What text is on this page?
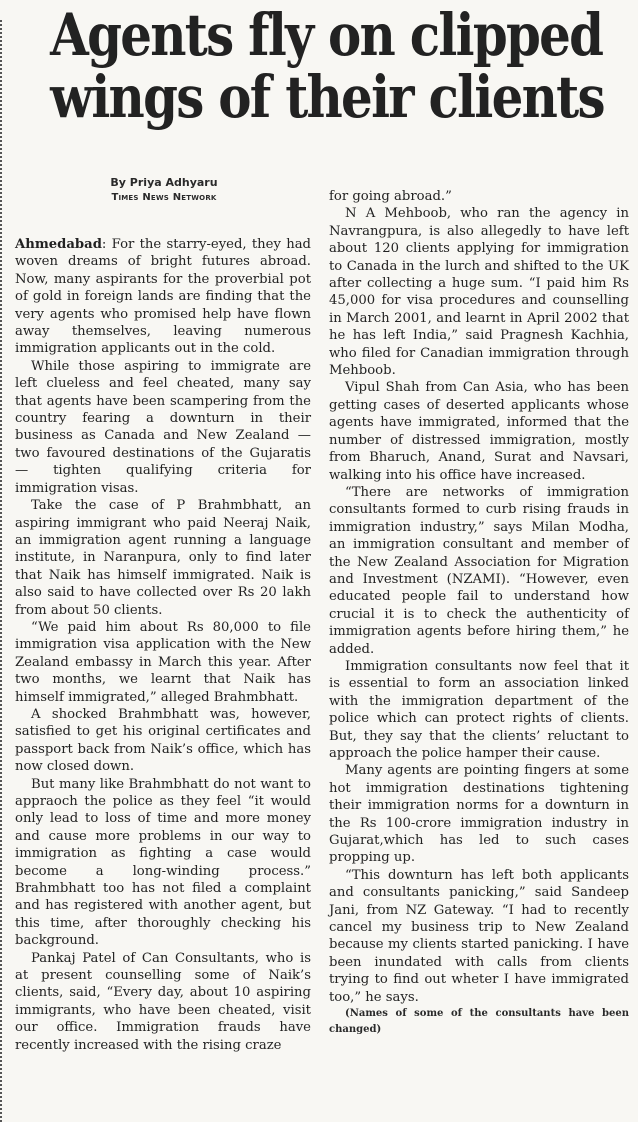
Agents fly on clipped
wings of their clients
By Priya Adhyaru
Times News Network

Ahmedabad: For the starry-eyed, they had woven dreams of bright futures abroad. Now, many aspirants for the proverbial pot of gold in foreign lands are finding that the very agents who promised help have flown away themselves, leaving numerous immigration applicants out in the cold.

While those aspiring to immigrate are left clueless and feel cheated, many say that agents have been scampering from the country fearing a downturn in their business as Canada and New Zealand — two favoured destinations of the Gujaratis — tighten qualifying criteria for immigration visas.

Take the case of P Brahmbhatt, an aspiring immigrant who paid Neeraj Naik, an immigration agent running a language institute, in Naranpura, only to find later that Naik has himself immigrated. Naik is also said to have collected over Rs 20 lakh from about 50 clients.

“We paid him about Rs 80,000 to file immigration visa application with the New Zealand embassy in March this year. After two months, we learnt that Naik has himself immigrated,” alleged Brahmbhatt.

A shocked Brahmbhatt was, however, satisfied to get his original certificates and passport back from Naik’s office, which has now closed down.

But many like Brahmbhatt do not want to appraoch the police as they feel “it would only lead to loss of time and more money and cause more problems in our way to immigration as fighting a case would become a long-winding process.” Brahmbhatt too has not filed a complaint and has registered with another agent, but this time, after thoroughly checking his background.

Pankaj Patel of Can Consultants, who is at present counselling some of Naik’s clients, said, “Every day, about 10 aspiring immigrants, who have been cheated, visit our office. Immigration frauds have recently increased with the rising craze

for going abroad.”

N A Mehboob, who ran the agency in Navrangpura, is also allegedly to have left about 120 clients applying for immigration to Canada in the lurch and shifted to the UK after collecting a huge sum. “I paid him Rs 45,000 for visa procedures and counselling in March 2001, and learnt in April 2002 that he has left India,” said Pragnesh Kachhia, who filed for Canadian immigration through Mehboob.

Vipul Shah from Can Asia, who has been getting cases of deserted applicants whose agents have immigrated, informed that the number of distressed immigration, mostly from Bharuch, Anand, Surat and Navsari, walking into his office have increased.

“There are networks of immigration consultants formed to curb rising frauds in immigration industry,” says Milan Modha, an immigration consultant and member of the New Zealand Association for Migration and Investment (NZAMI). “However, even educated people fail to understand how crucial it is to check the authenticity of immigration agents before hiring them,” he added.

Immigration consultants now feel that it is essential to form an association linked with the immigration department of the police which can protect rights of clients. But, they say that the clients’ reluctant to approach the police hamper their cause.

Many agents are pointing fingers at some hot immigration destinations tightening their immigration norms for a downturn in the Rs 100-crore immigration industry in Gujarat,which has led to such cases propping up.

“This downturn has left both applicants and consultants panicking,” said Sandeep Jani, from NZ Gateway. “I had to recently cancel my business trip to New Zealand because my clients started panicking. I have been inundated with calls from clients trying to find out wheter I have immigrated too,” he says.

(Names of some of the consultants have been changed)
